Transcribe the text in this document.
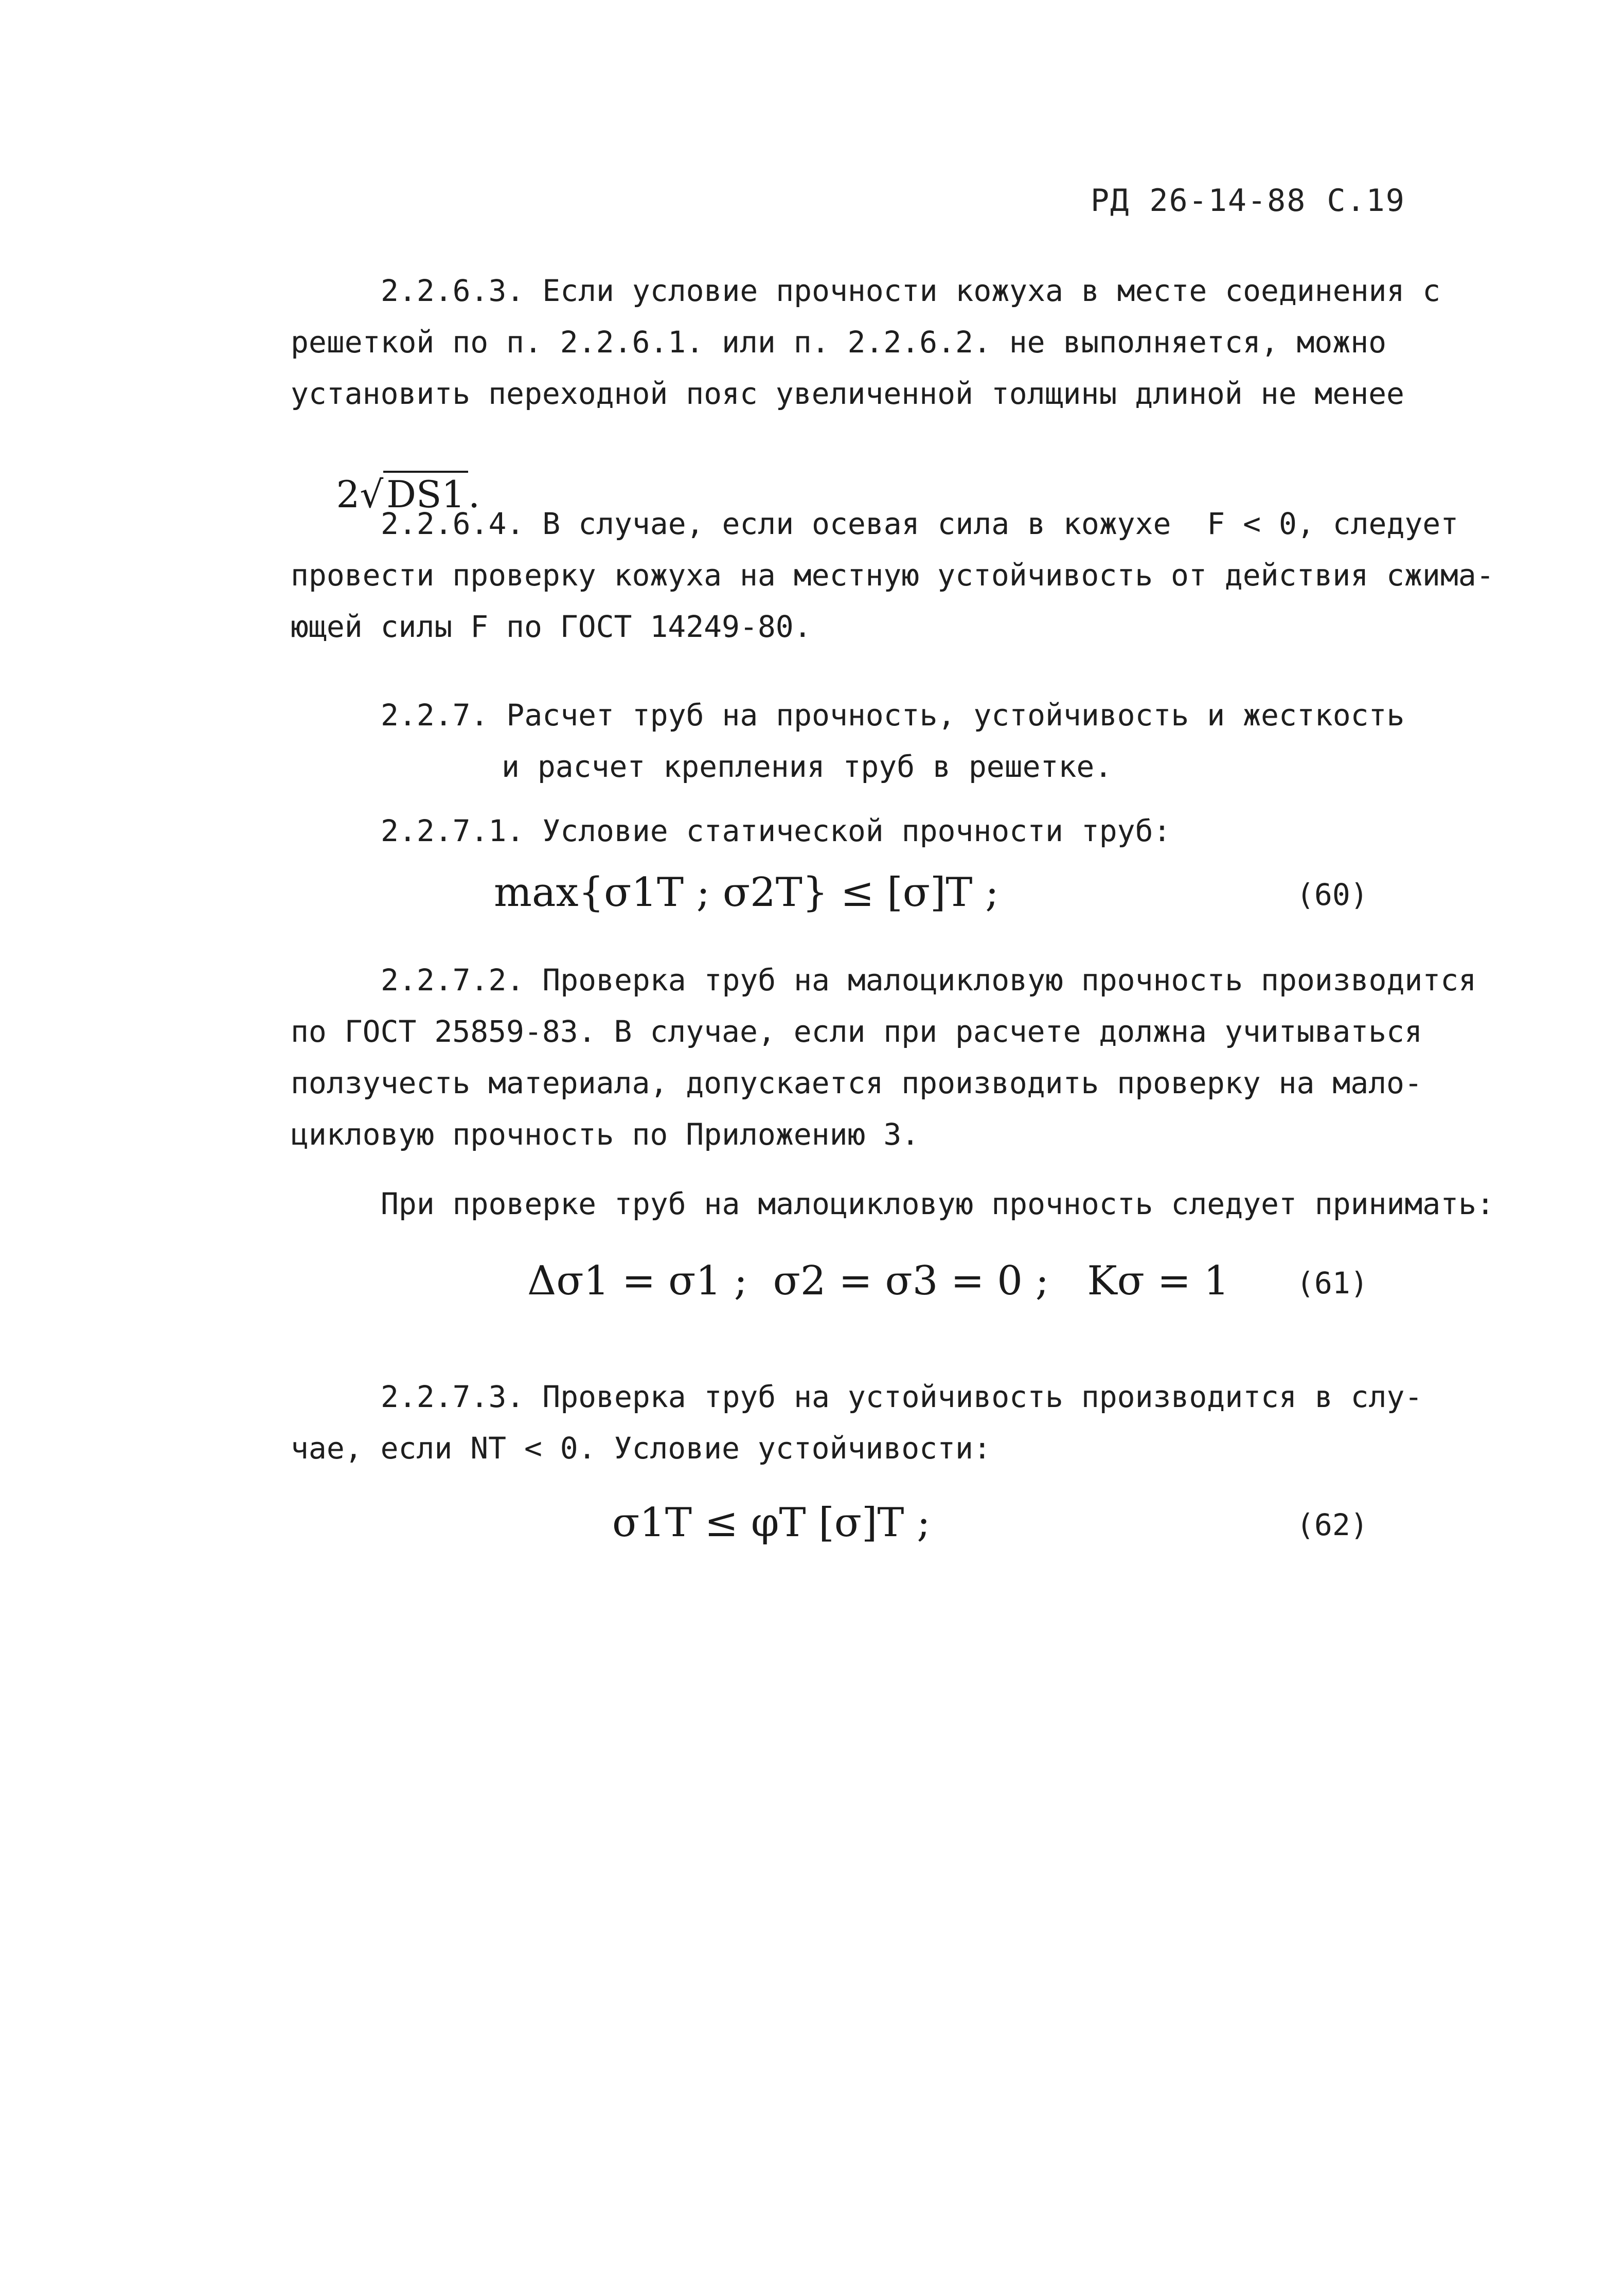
РД 26-14-88 С.19
2.2.6.3. Если условие прочности кожуха в месте соединения с
решеткой по п. 2.2.6.1. или п. 2.2.6.2. не выполняется, можно
установить переходной пояс увеличенной толщины длиной не менее

2√DS1.

2.2.6.4. В случае, если осевая сила в кожухе  F < 0, следует
провести проверку кожуха на местную устойчивость от действия сжима-
ющей силы F по ГОСТ 14249-80.
2.2.7. Расчет труб на прочность, устойчивость и жесткость
и расчет крепления труб в решетке.
2.2.7.1. Условие статической прочности труб:
max{σ1T ; σ2T} ≤ [σ]T ;	(60)
2.2.7.2. Проверка труб на малоцикловую прочность производится
по ГОСТ 25859-83. В случае, если при расчете должна учитываться
ползучесть материала, допускается производить проверку на мало-
цикловую прочность по Приложению 3.
При проверке труб на малоцикловую прочность следует принимать:
Δσ1 = σ1 ;  σ2 = σ3 = 0 ;   Kσ = 1 (61)
2.2.7.3. Проверка труб на устойчивость производится в слу-
чае, если NT < 0. Условие устойчивости:
σ1T ≤ φT [σ]T ;	(62)
